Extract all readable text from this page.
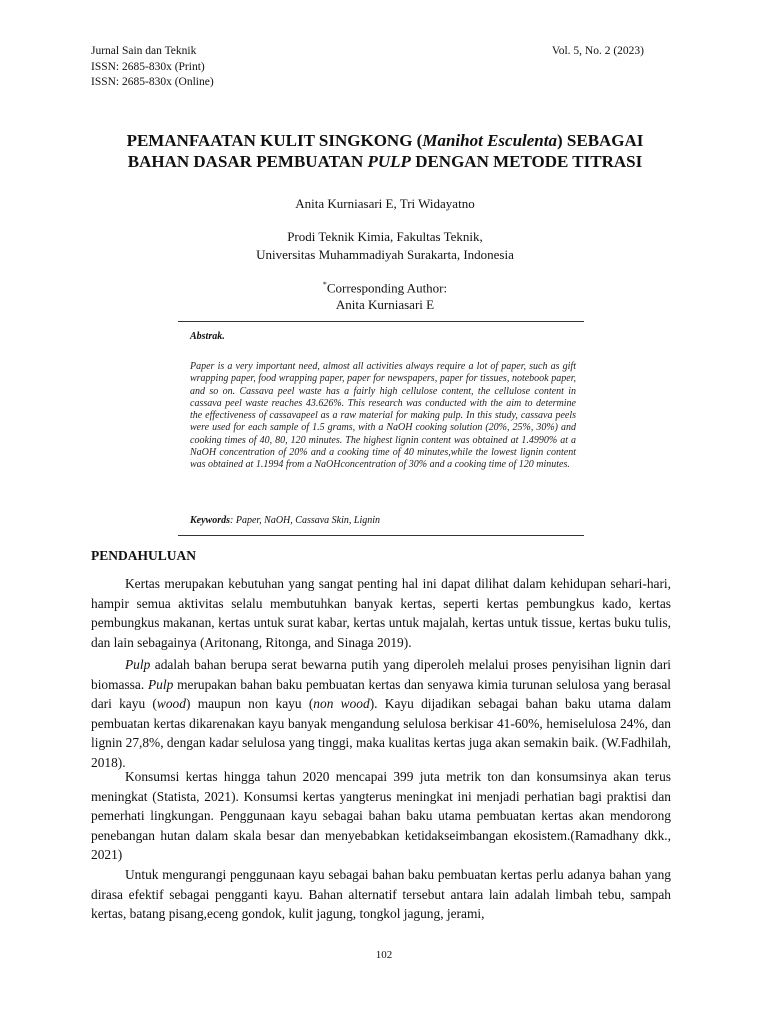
Jurnal Sain dan Teknik
ISSN: 2685-830x (Print)
ISSN: 2685-830x (Online)
Vol. 5, No. 2 (2023)
PEMANFAATAN KULIT SINGKONG (Manihot Esculenta) SEBAGAI
BAHAN DASAR PEMBUATAN PULP DENGAN METODE TITRASI
Anita Kurniasari E, Tri Widayatno
Prodi Teknik Kimia, Fakultas Teknik,
Universitas Muhammadiyah Surakarta, Indonesia
*Corresponding Author:
Anita Kurniasari E
Abstrak.
Paper is a very important need, almost all activities always require a lot of paper, such as gift wrapping paper, food wrapping paper, paper for newspapers, paper for tissues, notebook paper, and so on. Cassava peel waste has a fairly high cellulose content, the cellulose content in cassava peel waste reaches 43.626%. This research was conducted with the aim to determine the effectiveness of cassavapeel as a raw material for making pulp. In this study, cassava peels were used for each sample of 1.5 grams, with a NaOH cooking solution (20%, 25%, 30%) and cooking times of 40, 80, 120 minutes. The highest lignin content was obtained at 1.4990% at a NaOH concentration of 20% and a cooking time of 40 minutes,while the lowest lignin content was obtained at 1.1994 from a NaOHconcentration of 30% and a cooking time of 120 minutes.
Keywords: Paper, NaOH, Cassava Skin, Lignin
PENDAHULUAN
Kertas merupakan kebutuhan yang sangat penting hal ini dapat dilihat dalam kehidupan sehari-hari, hampir semua aktivitas selalu membutuhkan banyak kertas, seperti kertas pembungkus kado, kertas pembungkus makanan, kertas untuk surat kabar, kertas untuk majalah, kertas untuk tissue, kertas buku tulis, dan lain sebagainya (Aritonang, Ritonga, and Sinaga 2019).
Pulp adalah bahan berupa serat bewarna putih yang diperoleh melalui proses penyisihan lignin dari biomassa. Pulp merupakan bahan baku pembuatan kertas dan senyawa kimia turunan selulosa yang berasal dari kayu (wood) maupun non kayu (non wood). Kayu dijadikan sebagai bahan baku utama dalam pembuatan kertas dikarenakan kayu banyak mengandung selulosa berkisar 41-60%, hemiselulosa 24%, dan lignin 27,8%, dengan kadar selulosa yang tinggi, maka kualitas kertas juga akan semakin baik. (W.Fadhilah, 2018).
Konsumsi kertas hingga tahun 2020 mencapai 399 juta metrik ton dan konsumsinya akan terus meningkat (Statista, 2021). Konsumsi kertas yangterus meningkat ini menjadi perhatian bagi praktisi dan pemerhati lingkungan. Penggunaan kayu sebagai bahan baku utama pembuatan kertas akan mendorong penebangan hutan dalam skala besar dan menyebabkan ketidakseimbangan ekosistem.(Ramadhany dkk., 2021)
Untuk mengurangi penggunaan kayu sebagai bahan baku pembuatan kertas perlu adanya bahan yang dirasa efektif sebagai pengganti kayu. Bahan alternatif tersebut antara lain adalah limbah tebu, sampah kertas, batang pisang,eceng gondok, kulit jagung, tongkol jagung, jerami,
102
